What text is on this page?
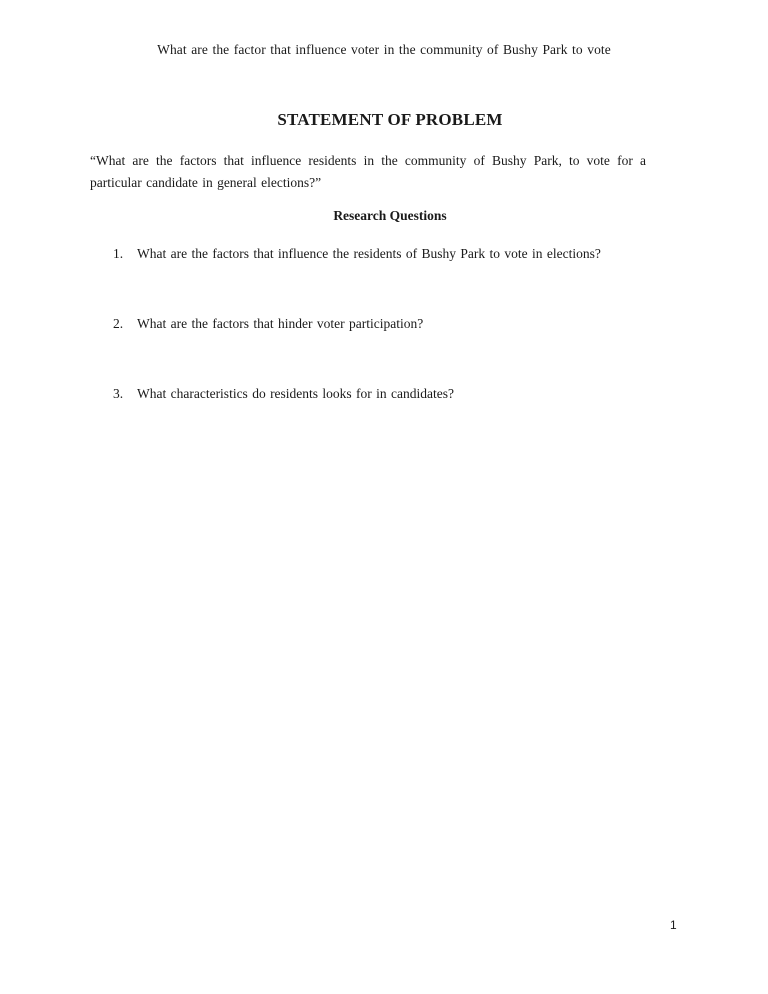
What are the factor that influence voter in the community of Bushy Park to vote
STATEMENT OF PROBLEM
“What are the factors that influence residents in the community of Bushy Park, to vote for a particular candidate in general elections?”
Research Questions
1. What are the factors that influence the residents of Bushy Park to vote in elections?
2. What are the factors that hinder voter participation?
3. What characteristics do residents looks for in candidates?
1
